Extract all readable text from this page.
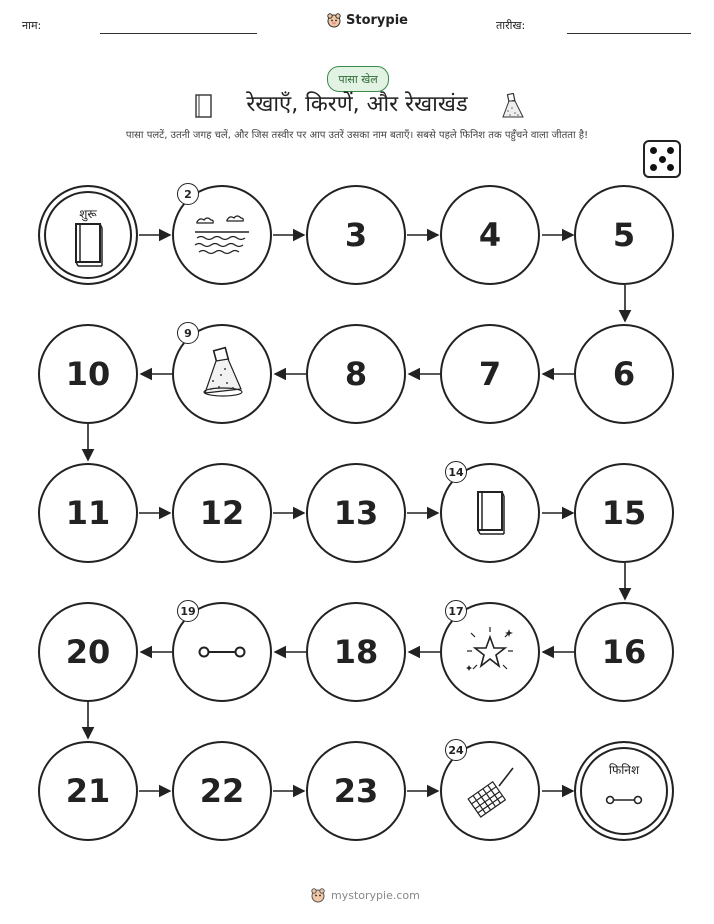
नाम:	Storypie	तारीख:
पासा खेल
रेखाएँ, किरणें, और रेखाखंड
पासा पलटें, उतनी जगह चलें, और जिस तस्वीर पर आप उतरें उसका नाम बताएँ। सबसे पहले फिनिश तक पहुँचने वाला जीतता है!
शुरू
2
3	4	5
10
9
8	7	6
11	12	13
14
15
20
19
18
17
16
21	22	23
24
फिनिश
mystorypie.com
